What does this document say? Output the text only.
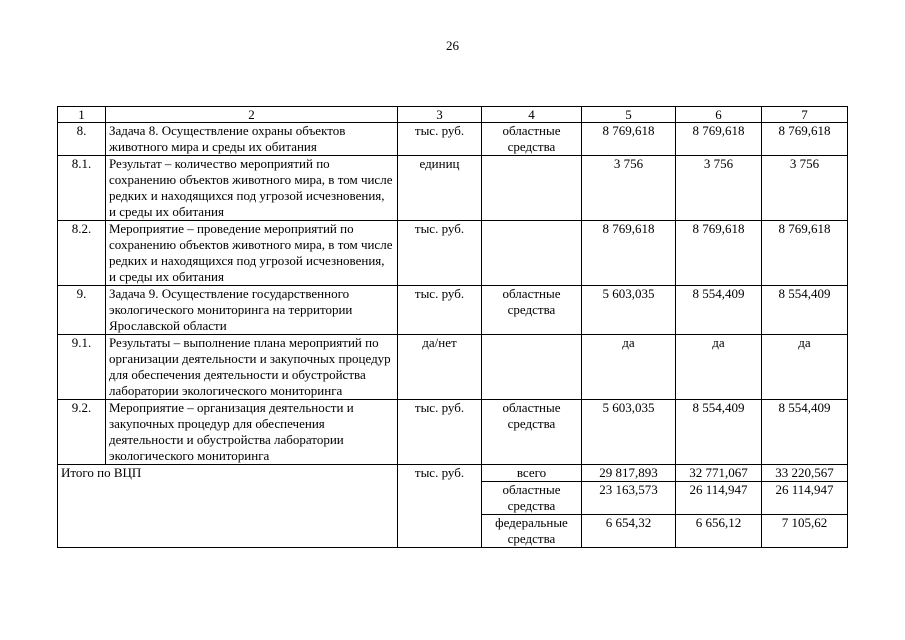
26
1	2	3	4	5	6	7
8.	Задача 8. Осуществление охраны объектов животного мира и среды их обитания	тыс. руб.	областные средства	8 769,618	8 769,618	8 769,618
8.1.	Результат – количество мероприятий по сохранению объектов животного мира, в том числе редких и находящихся под угрозой исчезновения, и среды их обитания	единиц		3 756	3 756	3 756
8.2.	Мероприятие – проведение мероприятий по сохранению объектов животного мира, в том числе редких и находящихся под угрозой исчезновения, и среды их обитания	тыс. руб.		8 769,618	8 769,618	8 769,618
9.	Задача 9. Осуществление государственного экологического мониторинга на территории Ярославской области	тыс. руб.	областные средства	5 603,035	8 554,409	8 554,409
9.1.	Результаты – выполнение плана мероприятий по организации деятельности и закупочных процедур для обеспечения деятельности и обустройства лаборатории экологического мониторинга	да/нет		да	да	да
9.2.	Мероприятие – организация деятельности и закупочных процедур для обеспечения деятельности и обустройства лаборатории экологического мониторинга	тыс. руб.	областные средства	5 603,035	8 554,409	8 554,409
Итого по ВЦП		тыс. руб.	всего	29 817,893	32 771,067	33 220,567
			областные средства	23 163,573	26 114,947	26 114,947
			федеральные средства	6 654,32	6 656,12	7 105,62
